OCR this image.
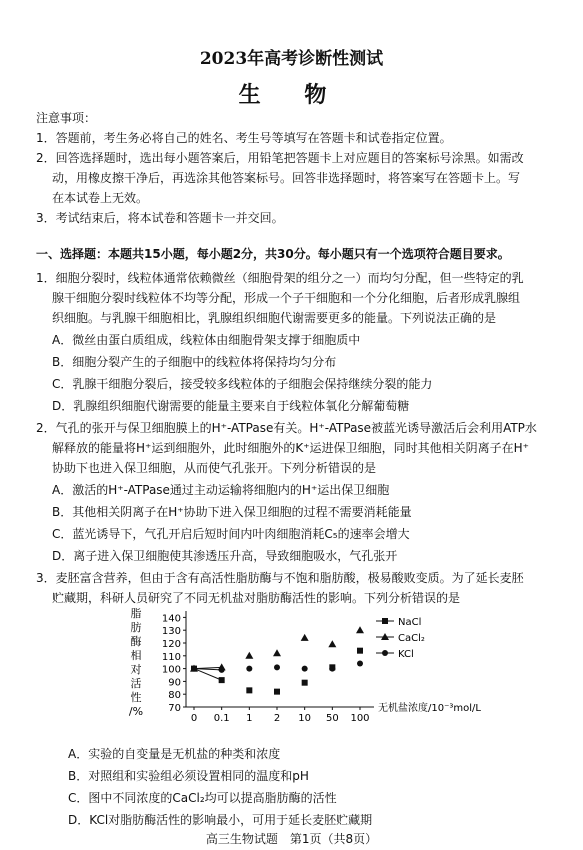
2023年高考诊断性测试
生 物
注意事项：
1．答题前，考生务必将自己的姓名、考生号等填写在答题卡和试卷指定位置。
2．回答选择题时，选出每小题答案后，用铅笔把答题卡上对应题目的答案标号涂黑。如需改
动，用橡皮擦干净后，再选涂其他答案标号。回答非选择题时，将答案写在答题卡上。写
在本试卷上无效。
3．考试结束后，将本试卷和答题卡一并交回。
一、选择题：本题共15小题，每小题2分，共30分。每小题只有一个选项符合题目要求。
1．细胞分裂时，线粒体通常依赖微丝（细胞骨架的组分之一）而均匀分配，但一些特定的乳
腺干细胞分裂时线粒体不均等分配，形成一个子干细胞和一个分化细胞，后者形成乳腺组
织细胞。与乳腺干细胞相比，乳腺组织细胞代谢需要更多的能量。下列说法正确的是
A．微丝由蛋白质组成，线粒体由细胞骨架支撑于细胞质中
B．细胞分裂产生的子细胞中的线粒体将保持均匀分布
C．乳腺干细胞分裂后，接受较多线粒体的子细胞会保持继续分裂的能力
D．乳腺组织细胞代谢需要的能量主要来自于线粒体氧化分解葡萄糖
2．气孔的张开与保卫细胞膜上的H⁺-ATPase有关。H⁺-ATPase被蓝光诱导激活后会利用ATP水
解释放的能量将H⁺运到细胞外，此时细胞外的K⁺运进保卫细胞，同时其他相关阴离子在H⁺
协助下也进入保卫细胞，从而使气孔张开。下列分析错误的是
A．激活的H⁺-ATPase通过主动运输将细胞内的H⁺运出保卫细胞
B．其他相关阴离子在H⁺协助下进入保卫细胞的过程不需要消耗能量
C．蓝光诱导下，气孔开启后短时间内叶肉细胞消耗C₅的速率会增大
D．离子进入保卫细胞使其渗透压升高，导致细胞吸水，气孔张开
3．麦胚富含营养，但由于含有高活性脂肪酶与不饱和脂肪酸，极易酸败变质。为了延长麦胚
贮藏期，科研人员研究了不同无机盐对脂肪酶活性的影响。下列分析错误的是
脂
肪
酶
相
对
活
性
/%	70
80
90
100
110
120
130
140
0 0.1 1 2 10 50 100
无机盐浓度/10⁻³mol/L
NaCl
CaCl₂
KCl
A．实验的自变量是无机盐的种类和浓度
B．对照组和实验组必须设置相同的温度和pH
C．图中不同浓度的CaCl₂均可以提高脂肪酶的活性
D．KCl对脂肪酶活性的影响最小，可用于延长麦胚贮藏期
高三生物试题　第1页（共8页）
